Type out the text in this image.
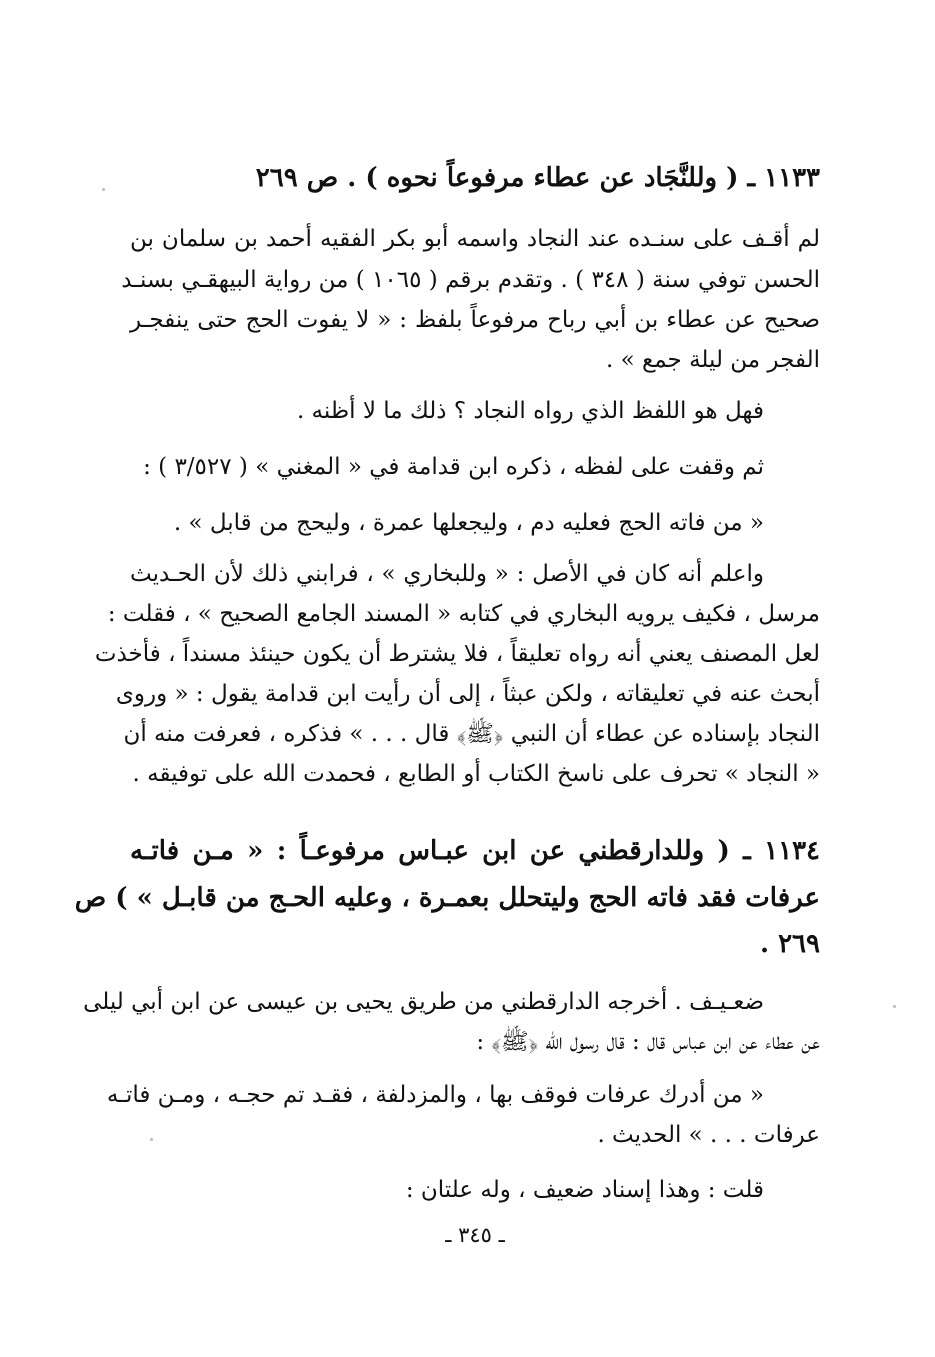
١١٣٣ ـ ( وللنَّجَاد عن عطاء مرفوعاً نحوه ) . ص ٢٦٩
لم أقـف على سنـده عند النجاد واسمه أبو بكر الفقيه أحمد بن سلمان بن
الحسن توفي سنة ( ٣٤٨ ) . وتقدم برقم ( ١٠٦٥ ) من رواية البيهقـي بسنـد
صحيح عن عطاء بن أبي رباح مرفوعاً بلفظ : « لا يفوت الحج حتى ينفجـر
الفجر من ليلة جمع » .
فهل هو اللفظ الذي رواه النجاد ؟ ذلك ما لا أظنه .
ثم وقفت على لفظه ، ذكره ابن قدامة في « المغني » ( ٣/٥٢٧ ) :
« من فاته الحج فعليه دم ، وليجعلها عمرة ، وليحج من قابل » .
واعلم أنه كان في الأصل : « وللبخاري » ، فرابني ذلك لأن الحـديث
مرسل ، فكيف يرويه البخاري في كتابه « المسند الجامع الصحيح » ، فقلت :
لعل المصنف يعني أنه رواه تعليقاً ، فلا يشترط أن يكون حينئذ مسنداً ، فأخذت
أبحث عنه في تعليقاته ، ولكن عبثاً ، إلى أن رأيت ابن قدامة يقول : « وروى
النجاد بإسناده عن عطاء أن النبي ﴿ﷺ﴾ قال . . . » فذكره ، فعرفت منه أن
« النجاد » تحرف على ناسخ الكتاب أو الطابع ، فحمدت الله على توفيقه .
١١٣٤ ـ ( وللدارقطني عن ابن عبـاس مرفوعـاً : « مـن فاتـه
عرفات فقد فاته الحج وليتحلل بعمـرة ، وعليه الحـج من قابـل » ) ص
٢٦٩ .
ضعـيـف . أخرجه الدارقطني من طريق يحيى بن عيسى عن ابن أبي ليلى
عن عطاء عن ابن عباس قال : قال رسول الله ﴿ﷺ﴾ :
« من أدرك عرفات فوقف بها ، والمزدلفة ، فقـد تم حجـه ، ومـن فاتـه
عرفات . . . » الحديث .
قلت : وهذا إسناد ضعيف ، وله علتان :
ـ ٣٤٥ ـ
